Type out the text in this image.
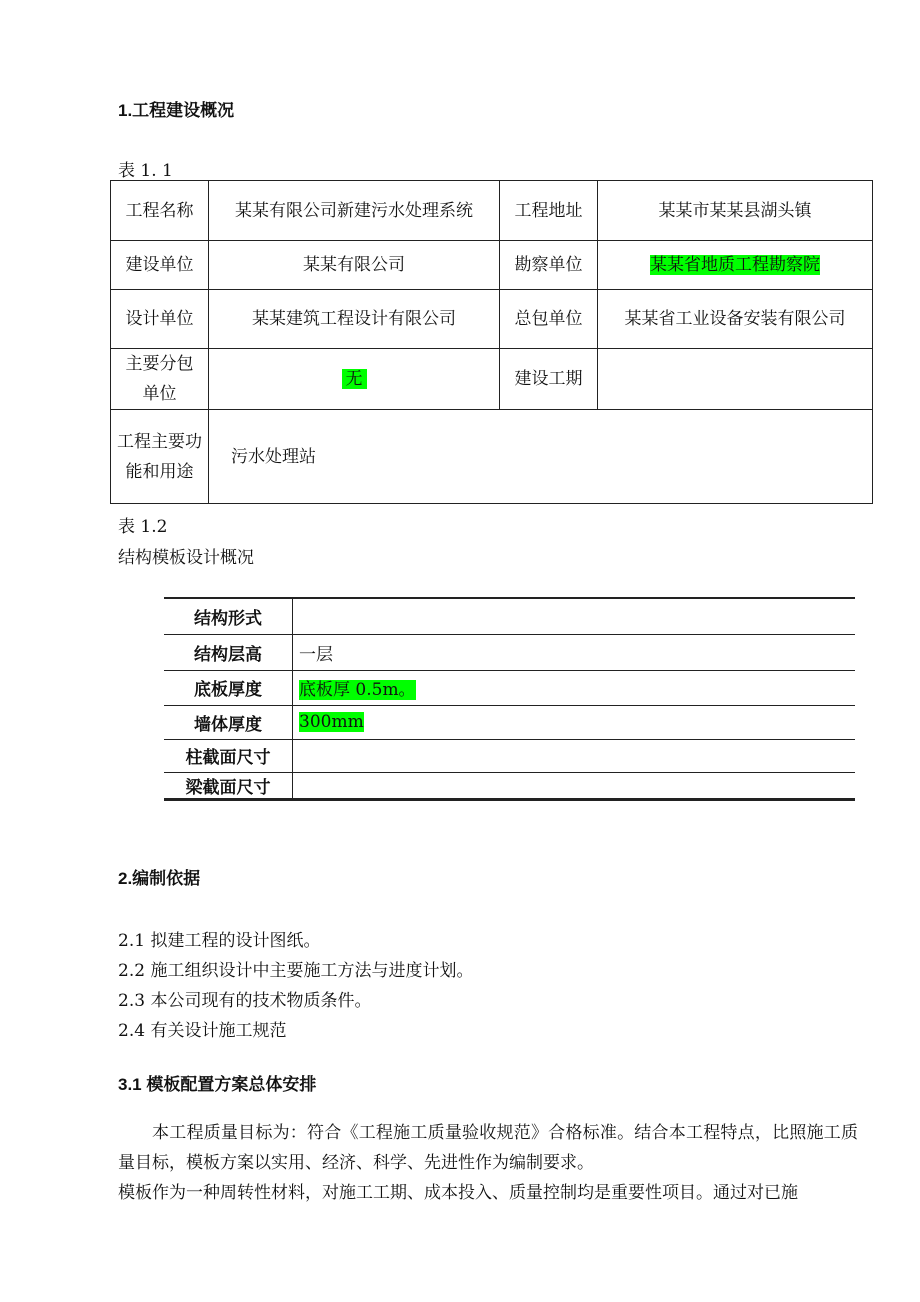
1.工程建设概况
表 1. 1
工程名称	某某有限公司新建污水处理系统	工程地址	某某市某某县湖头镇
建设单位	某某有限公司	勘察单位	某某省地质工程勘察院
设计单位	某某建筑工程设计有限公司	总包单位	某某省工业设备安装有限公司
主要分包单位	无	建设工期	
工程主要功能和用途	污水处理站		
表 1.2
结构模板设计概况
结构形式	
结构层高	一层
底板厚度	底板厚 0.5m。
墙体厚度	300mm
柱截面尺寸	
梁截面尺寸	
2.编制依据
2.1 拟建工程的设计图纸。
2.2 施工组织设计中主要施工方法与进度计划。
2.3 本公司现有的技术物质条件。
2.4 有关设计施工规范
3.1 模板配置方案总体安排
本工程质量目标为：符合《工程施工质量验收规范》合格标准。结合本工程特点，比照施工质量目标，模板方案以实用、经济、科学、先进性作为编制要求。
模板作为一种周转性材料，对施工工期、成本投入、质量控制均是重要性项目。通过对已施
